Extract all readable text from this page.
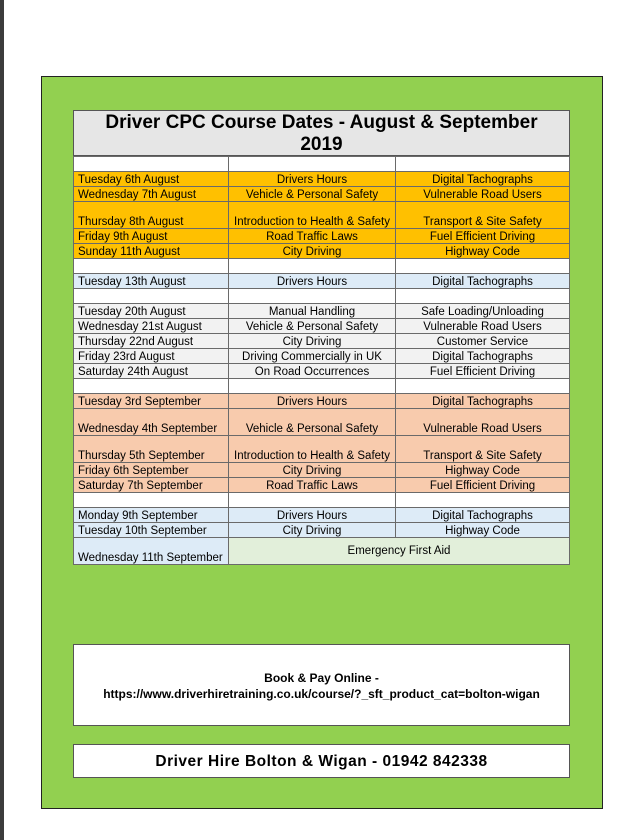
Driver CPC Course Dates - August & September
2019

Tuesday 6th August	Drivers Hours	Digital Tachographs
Wednesday 7th August	Vehicle & Personal Safety	Vulnerable Road Users
Thursday 8th August	Introduction to Health & Safety	Transport & Site Safety
Friday 9th August	Road Traffic Laws	Fuel Efficient Driving
Sunday 11th August	City Driving	Highway Code

Tuesday 13th August	Drivers Hours	Digital Tachographs

Tuesday 20th August	Manual Handling	Safe Loading/Unloading
Wednesday 21st August	Vehicle & Personal Safety	Vulnerable Road Users
Thursday 22nd August	City Driving	Customer Service
Friday 23rd August	Driving Commercially in UK	Digital Tachographs
Saturday 24th August	On Road Occurrences	Fuel Efficient Driving

Tuesday 3rd September	Drivers Hours	Digital Tachographs
Wednesday 4th September	Vehicle & Personal Safety	Vulnerable Road Users
Thursday 5th September	Introduction to Health & Safety	Transport & Site Safety
Friday 6th September	City Driving	Highway Code
Saturday 7th September	Road Traffic Laws	Fuel Efficient Driving

Monday 9th September	Drivers Hours	Digital Tachographs
Tuesday 10th September	City Driving	Highway Code
Wednesday 11th September	Emergency First Aid	
Book & Pay Online -
https://www.driverhiretraining.co.uk/course/?_sft_product_cat=bolton-wigan
Driver Hire Bolton & Wigan - 01942 842338
